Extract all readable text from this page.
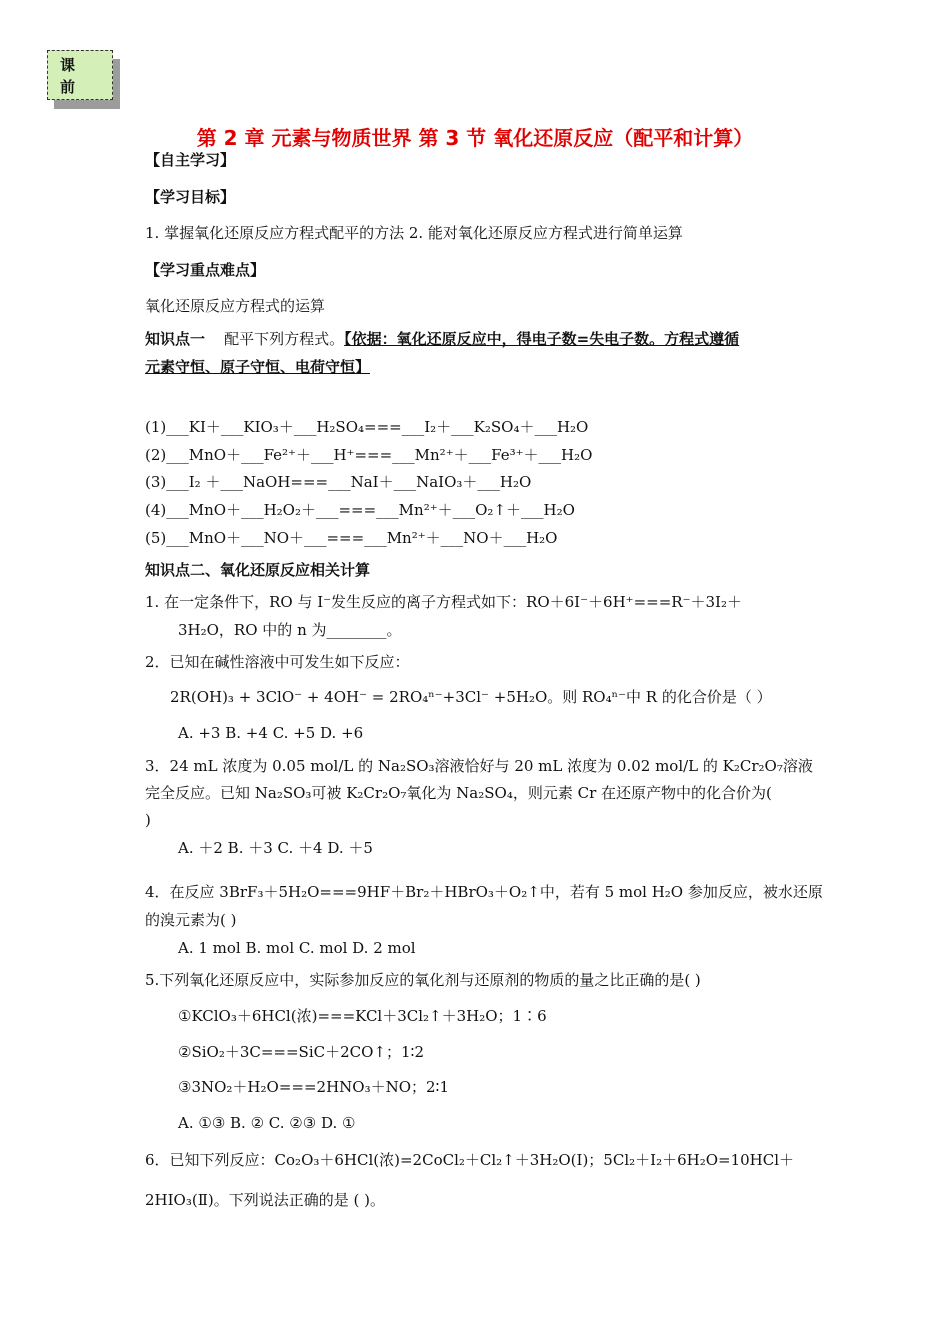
课
前
第 2 章 元素与物质世界 第 3 节 氧化还原反应（配平和计算）
【自主学习】
【学习目标】
1. 掌握氧化还原反应方程式配平的方法 2. 能对氧化还原反应方程式进行简单运算
【学习重点难点】
氧化还原反应方程式的运算
知识点一 配平下列方程式。【依据：氧化还原反应中，得电子数=失电子数。方程式遵循
元素守恒、原子守恒、电荷守恒】
(1)___KI＋___KIO₃＋___H₂SO₄===___I₂＋___K₂SO₄＋___H₂O
(2)___MnO＋___Fe²⁺＋___H⁺===___Mn²⁺＋___Fe³⁺＋___H₂O
(3)___I₂ ＋___NaOH===___NaI＋___NaIO₃＋___H₂O
(4)___MnO＋___H₂O₂＋___===___Mn²⁺＋___O₂↑＋___H₂O
(5)___MnO＋___NO＋___===___Mn²⁺＋___NO＋___H₂O
知识点二、氧化还原反应相关计算
1. 在一定条件下，RO 与 I⁻发生反应的离子方程式如下：RO＋6I⁻＋6H⁺===R⁻＋3I₂＋
3H₂O，RO 中的 n 为________。
2．已知在碱性溶液中可发生如下反应：
2R(OH)₃ + 3ClO⁻ + 4OH⁻ = 2RO₄ⁿ⁻+3Cl⁻ +5H₂O。则 RO₄ⁿ⁻中 R 的化合价是（ ）
A. +3 B. +4 C. +5 D. +6
3．24 mL 浓度为 0.05 mol/L 的 Na₂SO₃溶液恰好与 20 mL 浓度为 0.02 mol/L 的 K₂Cr₂O₇溶液
完全反应。已知 Na₂SO₃可被 K₂Cr₂O₇氧化为 Na₂SO₄，则元素 Cr 在还原产物中的化合价为(
)
A. ＋2 B. ＋3 C. ＋4 D. ＋5
4．在反应 3BrF₃＋5H₂O===9HF＋Br₂＋HBrO₃＋O₂↑中，若有 5 mol H₂O 参加反应，被水还原
的溴元素为( )
A. 1 mol B. mol C. mol D. 2 mol
5.下列氧化还原反应中，实际参加反应的氧化剂与还原剂的物质的量之比正确的是( )
①KClO₃＋6HCl(浓)===KCl＋3Cl₂↑＋3H₂O；1∶6
②SiO₂＋3C===SiC＋2CO↑；1∶2
③3NO₂＋H₂O===2HNO₃＋NO；2∶1
A. ①③ B. ② C. ②③ D. ①
6．已知下列反应：Co₂O₃＋6HCl(浓)=2CoCl₂＋Cl₂↑＋3H₂O(Ⅰ)；5Cl₂＋I₂＋6H₂O=10HCl＋
2HIO₃(Ⅱ)。下列说法正确的是 ( )。
